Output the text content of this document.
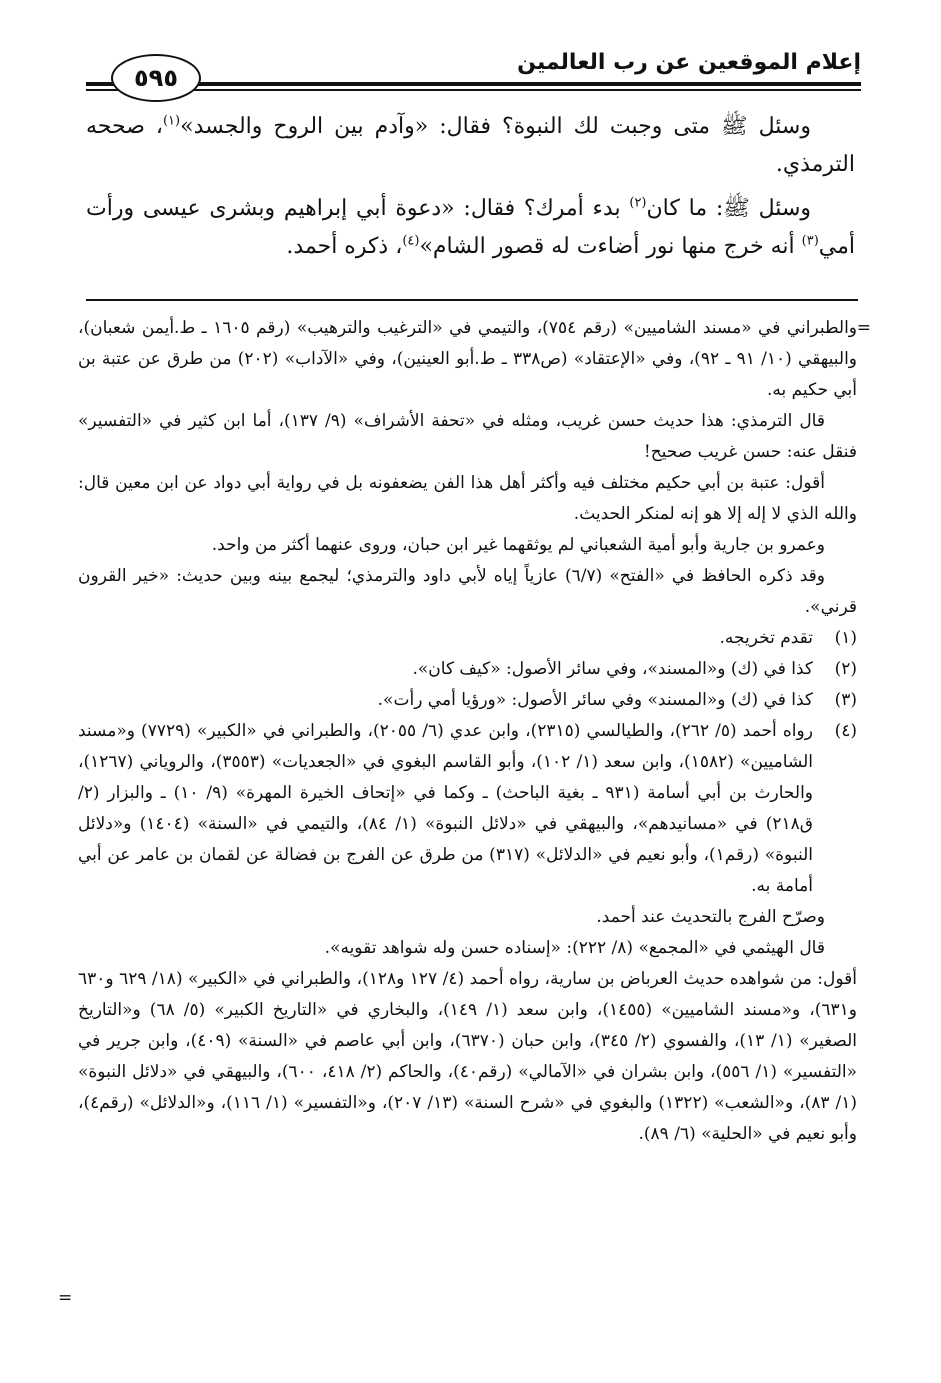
إعلام الموقعين عن رب العالمين
٥٩٥

وسئل ﷺ متى وجبت لك النبوة؟ فقال: «وآدم بين الروح والجسد»$^{(١)}$، صححه الترمذي.

وسئل ﷺ: ما كان$^{(٢)}$ بدء أمرك؟ فقال: «دعوة أبي إبراهيم وبشرى عيسى ورأت أمي$^{(٣)}$ أنه خرج منها نور أضاءت له قصور الشام»$^{(٤)}$، ذكره أحمد.

=

والطبراني في «مسند الشاميين» (رقم ٧٥٤)، والتيمي في «الترغيب والترهيب» (رقم ١٦٠٥ ـ ط.أيمن شعبان)، والبيهقي (١٠/ ٩١ ـ ٩٢)، وفي «الإعتقاد» (ص٣٣٨ ـ ط.أبو العينين)، وفي «الآداب» (٢٠٢) من طرق عن عتبة بن أبي حكيم به.

قال الترمذي: هذا حديث حسن غريب، ومثله في «تحفة الأشراف» (٩/ ١٣٧)، أما ابن كثير في «التفسير» فنقل عنه: حسن غريب صحيح!

أقول: عتبة بن أبي حكيم مختلف فيه وأكثر أهل هذا الفن يضعفونه بل في رواية أبي دواد عن ابن معين قال: والله الذي لا إله إلا هو إنه لمنكر الحديث.

وعمرو بن جارية وأبو أمية الشعباني لم يوثقهما غير ابن حبان، وروى عنهما أكثر من واحد.

وقد ذكره الحافظ في «الفتح» (٦/٧) عازياً إياه لأبي داود والترمذي؛ ليجمع بينه وبين حديث: «خير القرون قرني».

(١)
تقدم تخريجه.
(٢)
كذا في (ك) و«المسند»، وفي سائر الأصول: «كيف كان».
(٣)
كذا في (ك) و«المسند» وفي سائر الأصول: «ورؤيا أمي رأت».
(٤)
رواه أحمد (٥/ ٢٦٢)، والطيالسي (٢٣١٥)، وابن عدي (٦/ ٢٠٥٥)، والطبراني في «الكبير» (٧٧٢٩) و«مسند الشاميين» (١٥٨٢)، وابن سعد (١/ ١٠٢)، وأبو القاسم البغوي في «الجعديات» (٣٥٥٣)، والروياني (١٢٦٧)، والحارث بن أبي أسامة (٩٣١ ـ بغية الباحث) ـ وكما في «إتحاف الخيرة المهرة» (٩/ ١٠) ـ والبزار (٢/ ق٢١٨) في «مسانيدهم»، والبيهقي في «دلائل النبوة» (١/ ٨٤)، والتيمي في «السنة» (١٤٠٤) و«دلائل النبوة» (رقم١)، وأبو نعيم في «الدلائل» (٣١٧) من طرق عن الفرج بن فضالة عن لقمان بن عامر عن أبي أمامة به.

وصرّح الفرج بالتحديث عند أحمد.

قال الهيثمي في «المجمع» (٨/ ٢٢٢): «إسناده حسن وله شواهد تقويه».

أقول: من شواهده حديث العرباض بن سارية، رواه أحمد (٤/ ١٢٧ و١٢٨)، والطبراني في «الكبير» (١٨/ ٦٢٩ و٦٣٠ و٦٣١)، و«مسند الشاميين» (١٤٥٥)، وابن سعد (١/ ١٤٩)، والبخاري في «التاريخ الكبير» (٥/ ٦٨) و«التاريخ الصغير» (١/ ١٣)، والفسوي (٢/ ٣٤٥)، وابن حبان (٦٣٧٠)، وابن أبي عاصم في «السنة» (٤٠٩)، وابن جرير في «التفسير» (١/ ٥٥٦)، وابن بشران في «الآمالي» (رقم٤٠)، والحاكم (٢/ ٤١٨، ٦٠٠)، والبيهقي في «دلائل النبوة» (١/ ٨٣)، و«الشعب» (١٣٢٢) والبغوي في «شرح السنة» (١٣/ ٢٠٧)، و«التفسير» (١/ ١١٦)، و«الدلائل» (رقم٤)، وأبو نعيم في «الحلية» (٦/ ٨٩).

=
